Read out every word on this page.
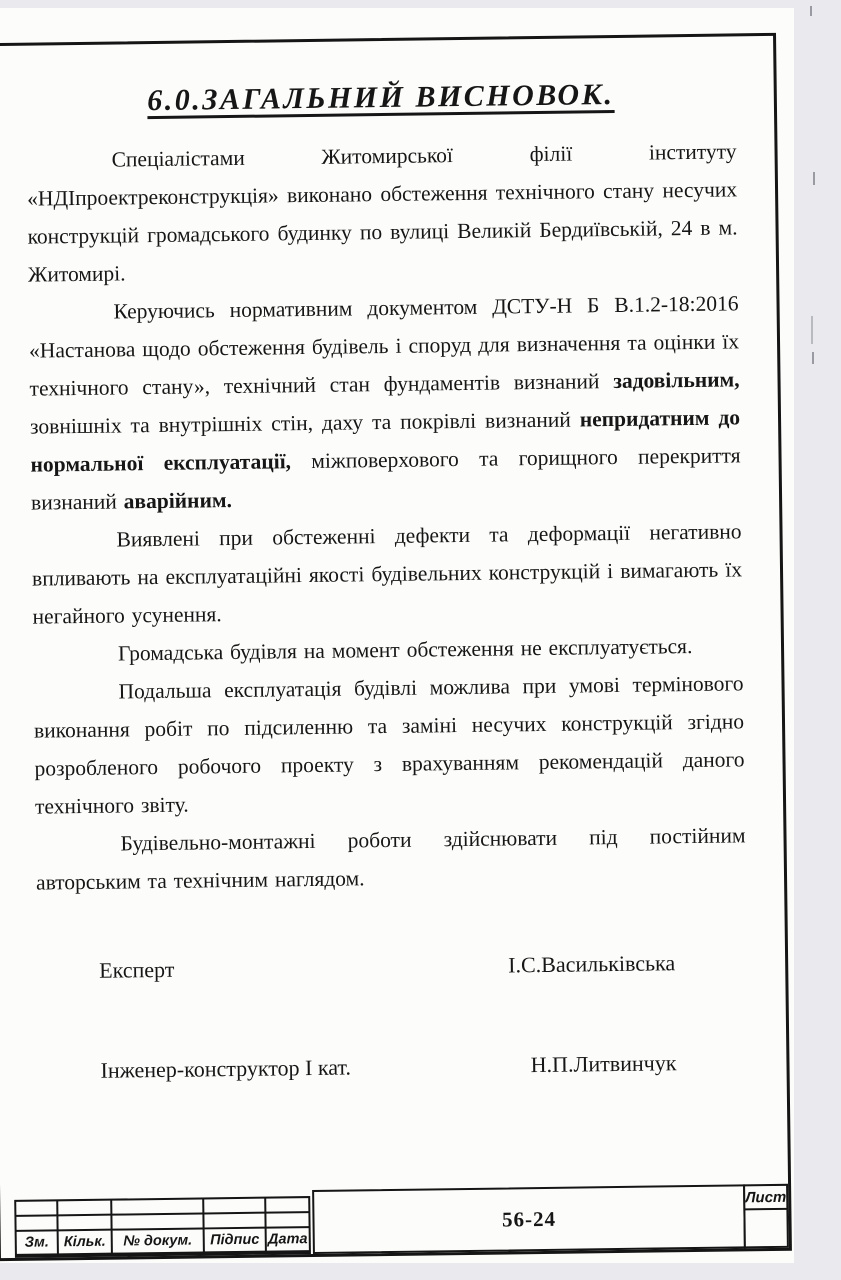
6.0.ЗАГАЛЬНИЙ ВИСНОВОК.

Спеціалістами Житомирської філії інституту «НДІпроектреконструкція» виконано обстеження технічного стану несучих конструкцій громадського будинку по вулиці Великій Бердиївській, 24 в м. Житомирі.

Керуючись нормативним документом ДСТУ-Н Б В.1.2-18:2016 «Настанова щодо обстеження будівель і споруд для визначення та оцінки їх технічного стану», технічний стан фундаментів визнаний задовільним, зовнішніх та внутрішніх стін, даху та покрівлі визнаний непридатним до нормальної експлуатації, міжповерхового та горищного перекриття визнаний аварійним.

Виявлені при обстеженні дефекти та деформації негативно впливають на експлуатаційні якості будівельних конструкцій і вимагають їх негайного усунення.

Громадська будівля на момент обстеження не експлуатується.

Подальша експлуатація будівлі можлива при умові термінового виконання робіт по підсиленню та заміні несучих конструкцій згідно розробленого робочого проекту з врахуванням рекомендацій даного технічного звіту.

Будівельно-монтажні роботи здійснювати під постійним авторським та технічним наглядом.

Експерт	І.С.Васильківська
Інженер-конструктор І кат.	Н.П.Литвинчук
Зм.	Кільк.	№ докум.	Підпис Дата
56-24
Лист
